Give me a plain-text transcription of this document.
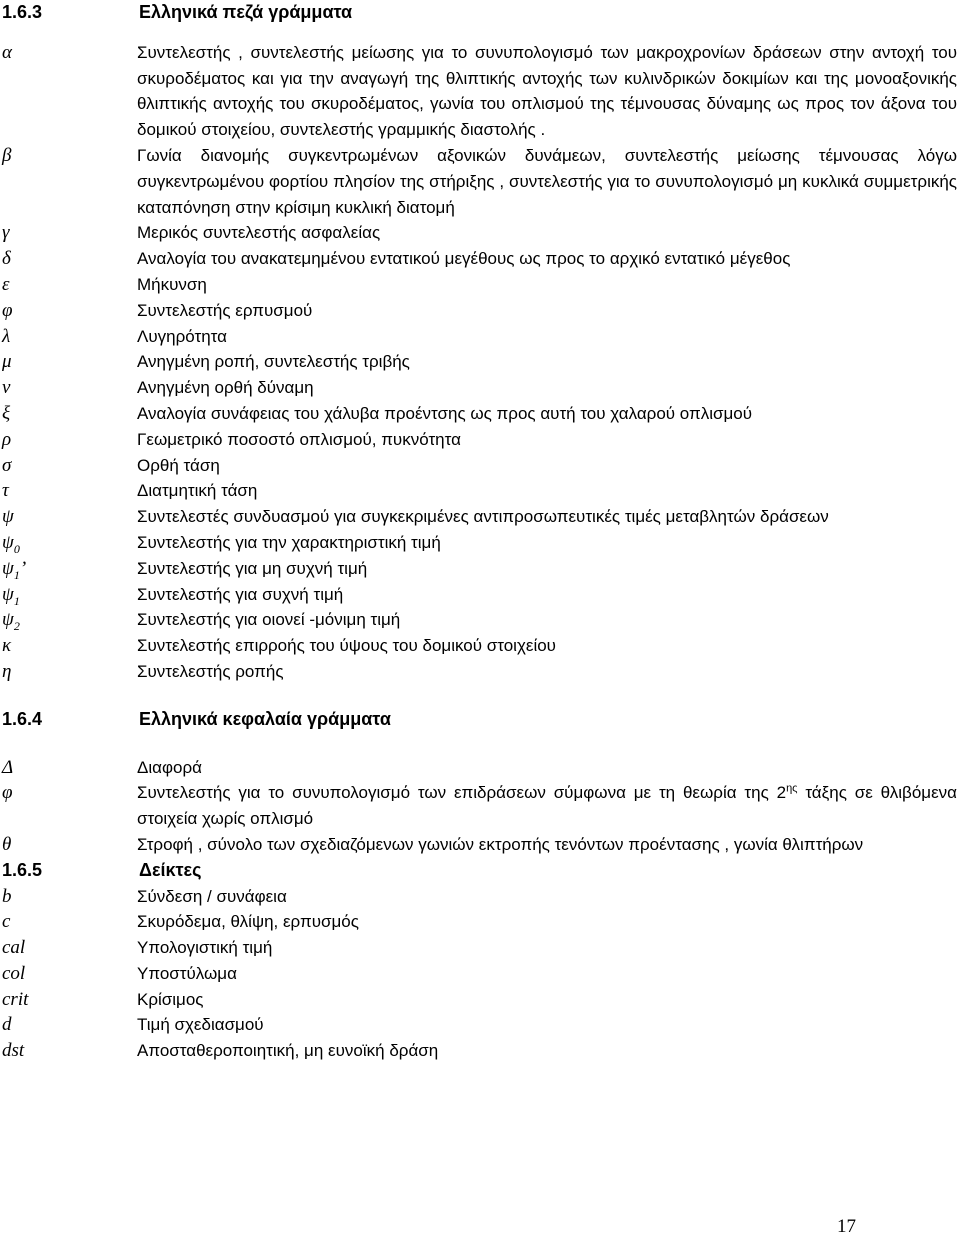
1.6.3	Ελληνικά πεζά γράμματα
α	Συντελεστής , συντελεστής μείωσης για το συνυπολογισμό των μακροχρονίων δράσεων στην αντοχή του σκυροδέματος και για την αναγωγή της θλιπτικής αντοχής των κυλινδρικών δοκιμίων και της μονοαξονικής θλιπτικής αντοχής του σκυροδέματος, γωνία του οπλισμού της τέμνουσας δύναμης ως προς τον άξονα του δομικού στοιχείου, συντελεστής γραμμικής διαστολής .
β	Γωνία διανομής συγκεντρωμένων αξονικών δυνάμεων, συντελεστής μείωσης τέμνουσας λόγω συγκεντρωμένου φορτίου πλησίον της στήριξης , συντελεστής για το συνυπολογισμό μη κυκλικά συμμετρικής καταπόνηση στην κρίσιμη κυκλική διατομή
γ	Μερικός συντελεστής ασφαλείας
δ	Αναλογία του ανακατεμημένου εντατικού μεγέθους ως προς το αρχικό εντατικό μέγεθος
ε	Μήκυνση
φ	Συντελεστής ερπυσμού
λ	Λυγηρότητα
μ	Ανηγμένη ροπή, συντελεστής τριβής
ν	Ανηγμένη ορθή δύναμη
ξ	Αναλογία συνάφειας του χάλυβα προέντσης ως προς αυτή του χαλαρού οπλισμού
ρ	Γεωμετρικό ποσοστό οπλισμού, πυκνότητα
σ	Ορθή τάση
τ	Διατμητική τάση
ψ	Συντελεστές συνδυασμού για συγκεκριμένες αντιπροσωπευτικές τιμές μεταβλητών δράσεων
$\psi_0$	Συντελεστής για την χαρακτηριστική τιμή
$\psi_1$’	Συντελεστής για μη συχνή τιμή
$\psi_1$	Συντελεστής για συχνή τιμή
$\psi_2$	Συντελεστής για οιονεί -μόνιμη τιμή
κ	Συντελεστής επιρροής του ύψους του δομικού στοιχείου
η	Συντελεστής ροπής
1.6.4	Ελληνικά κεφαλαία γράμματα
Δ	Διαφορά
φ	Συντελεστής για το συνυπολογισμό των επιδράσεων σύμφωνα με τη θεωρία της $2^{\eta\varsigma}$ τάξης σε θλιβόμενα στοιχεία χωρίς οπλισμό
θ	Στροφή , σύνολο των σχεδιαζόμενων γωνιών εκτροπής τενόντων προέντασης , γωνία θλιπτήρων
1.6.5	Δείκτες
b	Σύνδεση / συνάφεια
c	Σκυρόδεμα, θλίψη, ερπυσμός
cal	Υπολογιστική τιμή
col	Υποστύλωμα
crit	Κρίσιμος
d	Τιμή σχεδιασμού
dst	Αποσταθεροποιητική, μη ευνοϊκή δράση
17
